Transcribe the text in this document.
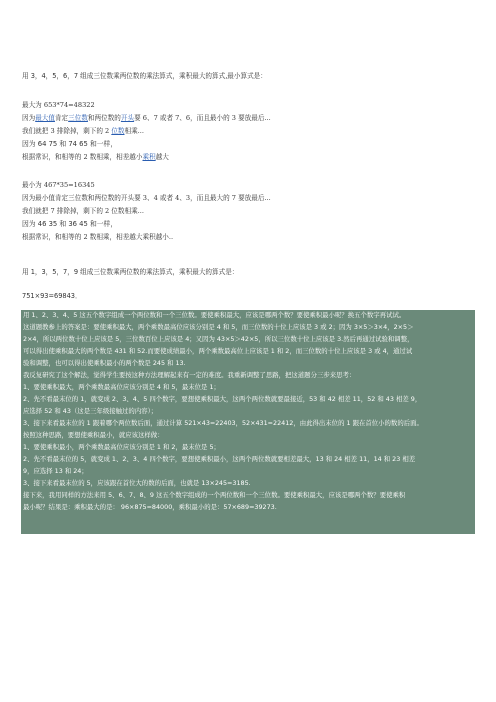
用 3，4，5，6，7 组成三位数乘两位数的乘法算式，乘积最大的算式,最小算式是：
最大为 653*74=48322
因为最大值肯定三位数和两位数的开头要 6、7 或者 7、6，而且最小的 3 要放最后...
我们就把 3 排除掉，剩下的 2 位数相乘...
因为 64 75 和 74 65 和一样，
根据常识，和相等的 2 数相乘，相差越小乘积越大
最小为 467*35=16345
因为最小值肯定三位数和两位数的开头要 3、4 或者 4、3，而且最大的 7 要放最后...
我们就把 7 排除掉，剩下的 2 位数相乘...
因为 46 35 和 36 45 和一样，
根据常识，和相等的 2 数相乘，相差越大乘积越小..
用 1，3，5，7，9 组成三位数乘两位数的乘法算式，乘积最大的算式是：
751×93=69843．
用 1、2、3、4、5 这五个数字组成一个两位数和一个三位数。要使乘积最大，应该是哪两个数？要使乘积最小呢？换五个数字再试试。
这道题教参上的答案是：要使乘积最大，两个乘数最高位应该分别是 4 和 5，而三位数的十位上应该是 3 或 2；因为 3×5＞3×4，2×5＞
2×4，所以两位数十位上应该是 5，三位数百位上应该是 4；又因为 43×5＞42×5，所以三位数十位上应该是 3.然后再通过试验和调整，
可以得出使乘积最大的两个数是 431 和 52.而要使成绩最小，两个乘数最高位上应该是 1 和 2，而三位数的十位上应该是 3 或 4，通过试
验和调整，也可以得出使乘积最小的两个数是 245 和 13.
我反复研究了这个解法，觉得学生要按这种方法理解起来有一定的难度。我重新调整了思路，把这道题分三步来思考：
1、要使乘积最大，两个乘数最高位应该分别是 4 和 5，最末位是 1；
2、先不看最末位的 1，就变成 2、3、4、5 四个数字，要想使乘积最大，这两个两位数就要最接近，53 和 42 相差 11，52 和 43 相差 9，
应选择 52 和 43（这是三年级接触过的内容）；
3、接下来看最末位的 1 跟着哪个两位数后面，通过计算 521×43=22403，52×431=22412，由此得出末位的 1 跟在首位小的数的后面。
按照这种思路，要想使乘积最小，就应该这样做：
1、要使乘积最小，两个乘数最高位应该分别是 1 和 2，最末位是 5；
2、先不看最末位的 5，就变成 1、2、3、4 四个数字，要想使乘积最小，这两个两位数就要相差最大，13 和 24 相差 11，14 和 23 相差
9，应选择 13 和 24；
3、接下来看最末位的 5，应该跟在首位大的数的后面，也就是 13×245=3185.
接下来，我用同样的方法来用 5、6、7、8、9 这五个数字组成的一个两位数和一个三位数。要使乘积最大，应该是哪两个数？要使乘积
最小呢？结果是：乘积最大的是： 96×875=84000，乘积最小的是：57×689=39273.
